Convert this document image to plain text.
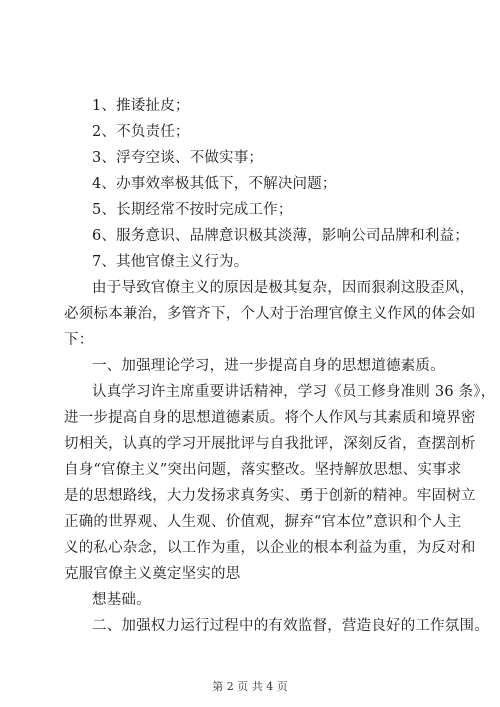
1、推诿扯皮；
2、不负责任；
3、浮夸空谈、不做实事；
4、办事效率极其低下，不解决问题；
5、长期经常不按时完成工作；
6、服务意识、品牌意识极其淡薄，影响公司品牌和利益；
7、其他官僚主义行为。
由于导致官僚主义的原因是极其复杂，因而狠刹这股歪风，
必须标本兼治，多管齐下，个人对于治理官僚主义作风的体会如
下：
一、加强理论学习，进一步提高自身的思想道德素质。
认真学习许主席重要讲话精神，学习《员工修身准则 36 条》，
进一步提高自身的思想道德素质。将个人作风与其素质和境界密
切相关，认真的学习开展批评与自我批评，深刻反省，查摆剖析
自身“官僚主义”突出问题，落实整改。坚持解放思想、实事求
是的思想路线，大力发扬求真务实、勇于创新的精神。牢固树立
正确的世界观、人生观、价值观，摒弃“官本位”意识和个人主
义的私心杂念，以工作为重，以企业的根本利益为重，为反对和
克服官僚主义奠定坚实的思
想基础。
二、加强权力运行过程中的有效监督，营造良好的工作氛围。
第 2 页 共 4 页
